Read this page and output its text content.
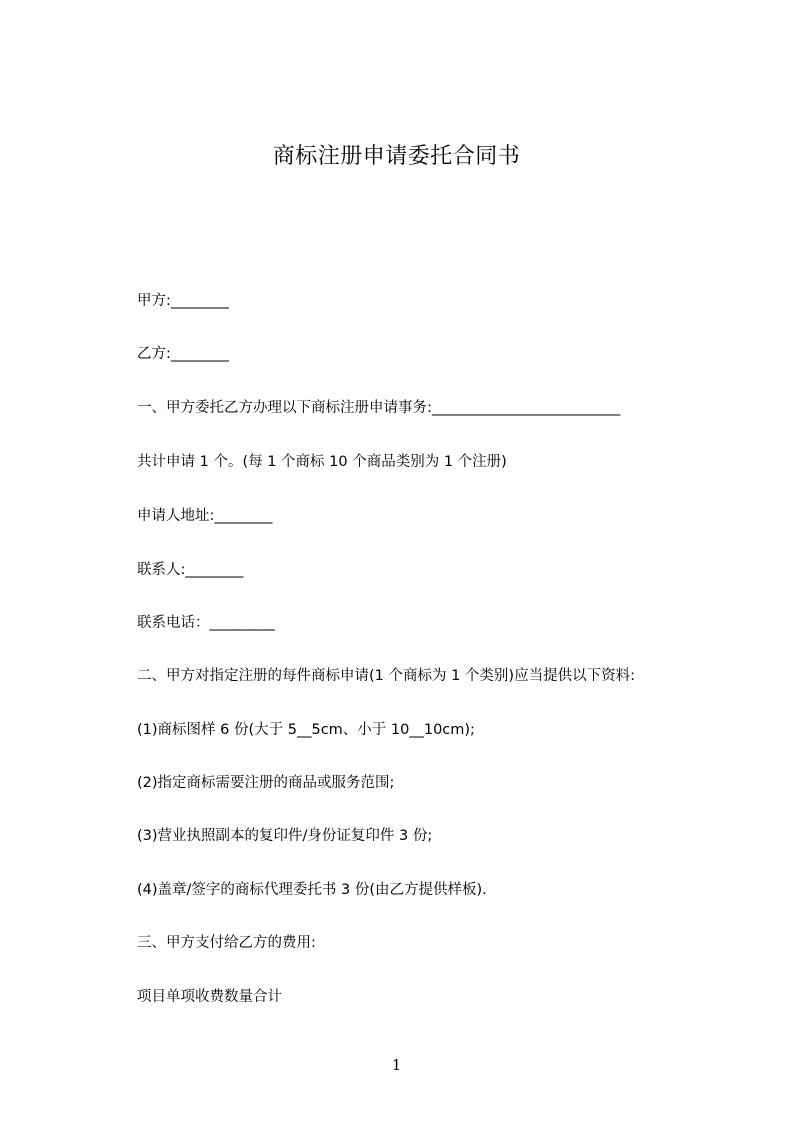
商标注册申请委托合同书
甲方:________
乙方:________
一、甲方委托乙方办理以下商标注册申请事务:__________________________
共计申请 1 个。(每 1 个商标 10 个商品类别为 1 个注册)
申请人地址:________
联系人:________
联系电话：_________
二、甲方对指定注册的每件商标申请(1 个商标为 1 个类别)应当提供以下资料:
(1)商标图样 6 份(大于 5__5cm、小于 10__10cm);
(2)指定商标需要注册的商品或服务范围;
(3)营业执照副本的复印件/身份证复印件 3 份;
(4)盖章/签字的商标代理委托书 3 份(由乙方提供样板).
三、甲方支付给乙方的费用:
项目单项收费数量合计
1
